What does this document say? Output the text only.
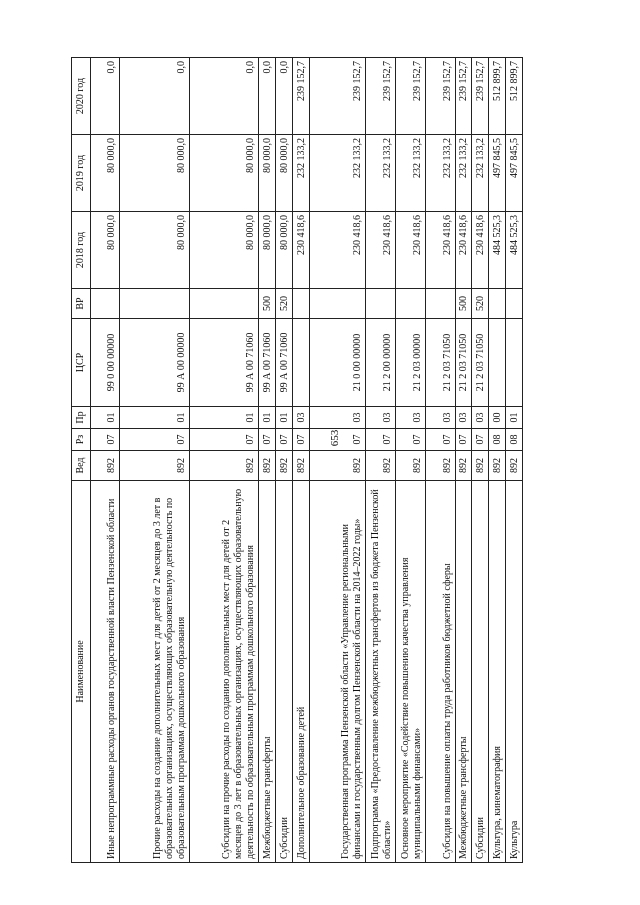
653
Наименование	Вед	Рз	Пр	ЦСР	ВР	2018 год	2019 год	2020 год
Иные непрограммные расходы органов государственной власти Пензенской области	892	07	01	99 0 00 00000		80 000,0	80 000,0	0,0
Прочие расходы на создание дополнительных мест для детей от 2 месяцев до 3 лет в образовательных организациях, осуществляющих образовательную деятельность по образовательным программам дошкольного образования	892	07	01	99 А 00 00000		80 000,0	80 000,0	0,0
Субсидии на прочие расходы по созданию дополнительных мест для детей от 2 месяцев до 3 лет в образовательных организациях, осуществляющих образовательную деятельность по образовательным программам дошкольного образования	892	07	01	99 А 00 71060		80 000,0	80 000,0	0,0
Межбюджетные трансферты	892	07	01	99 А 00 71060	500	80 000,0	80 000,0	0,0
Субсидии	892	07	01	99 А 00 71060	520	80 000,0	80 000,0	0,0
Дополнительное образование детей	892	07	03			230 418,6	232 133,2	239 152,7
Государственная программа Пензенской области «Управление региональными финансами и государственным долгом Пензенской области на 2014–2022 годы»	892	07	03	21 0 00 00000		230 418,6	232 133,2	239 152,7
Подпрограмма «Предоставление межбюджетных трансфертов из бюджета Пензенской области»	892	07	03	21 2 00 00000		230 418,6	232 133,2	239 152,7
Основное мероприятие «Содействие повышению качества управления муниципальными финансами»	892	07	03	21 2 03 00000		230 418,6	232 133,2	239 152,7
Субсидия на повышение оплаты труда работников бюджетной сферы	892	07	03	21 2 03 71050		230 418,6	232 133,2	239 152,7
Межбюджетные трансферты	892	07	03	21 2 03 71050	500	230 418,6	232 133,2	239 152,7
Субсидии	892	07	03	21 2 03 71050	520	230 418,6	232 133,2	239 152,7
Культура, кинематография	892	08	00			484 525,3	497 845,5	512 899,7
Культура	892	08	01			484 525,3	497 845,5	512 899,7
